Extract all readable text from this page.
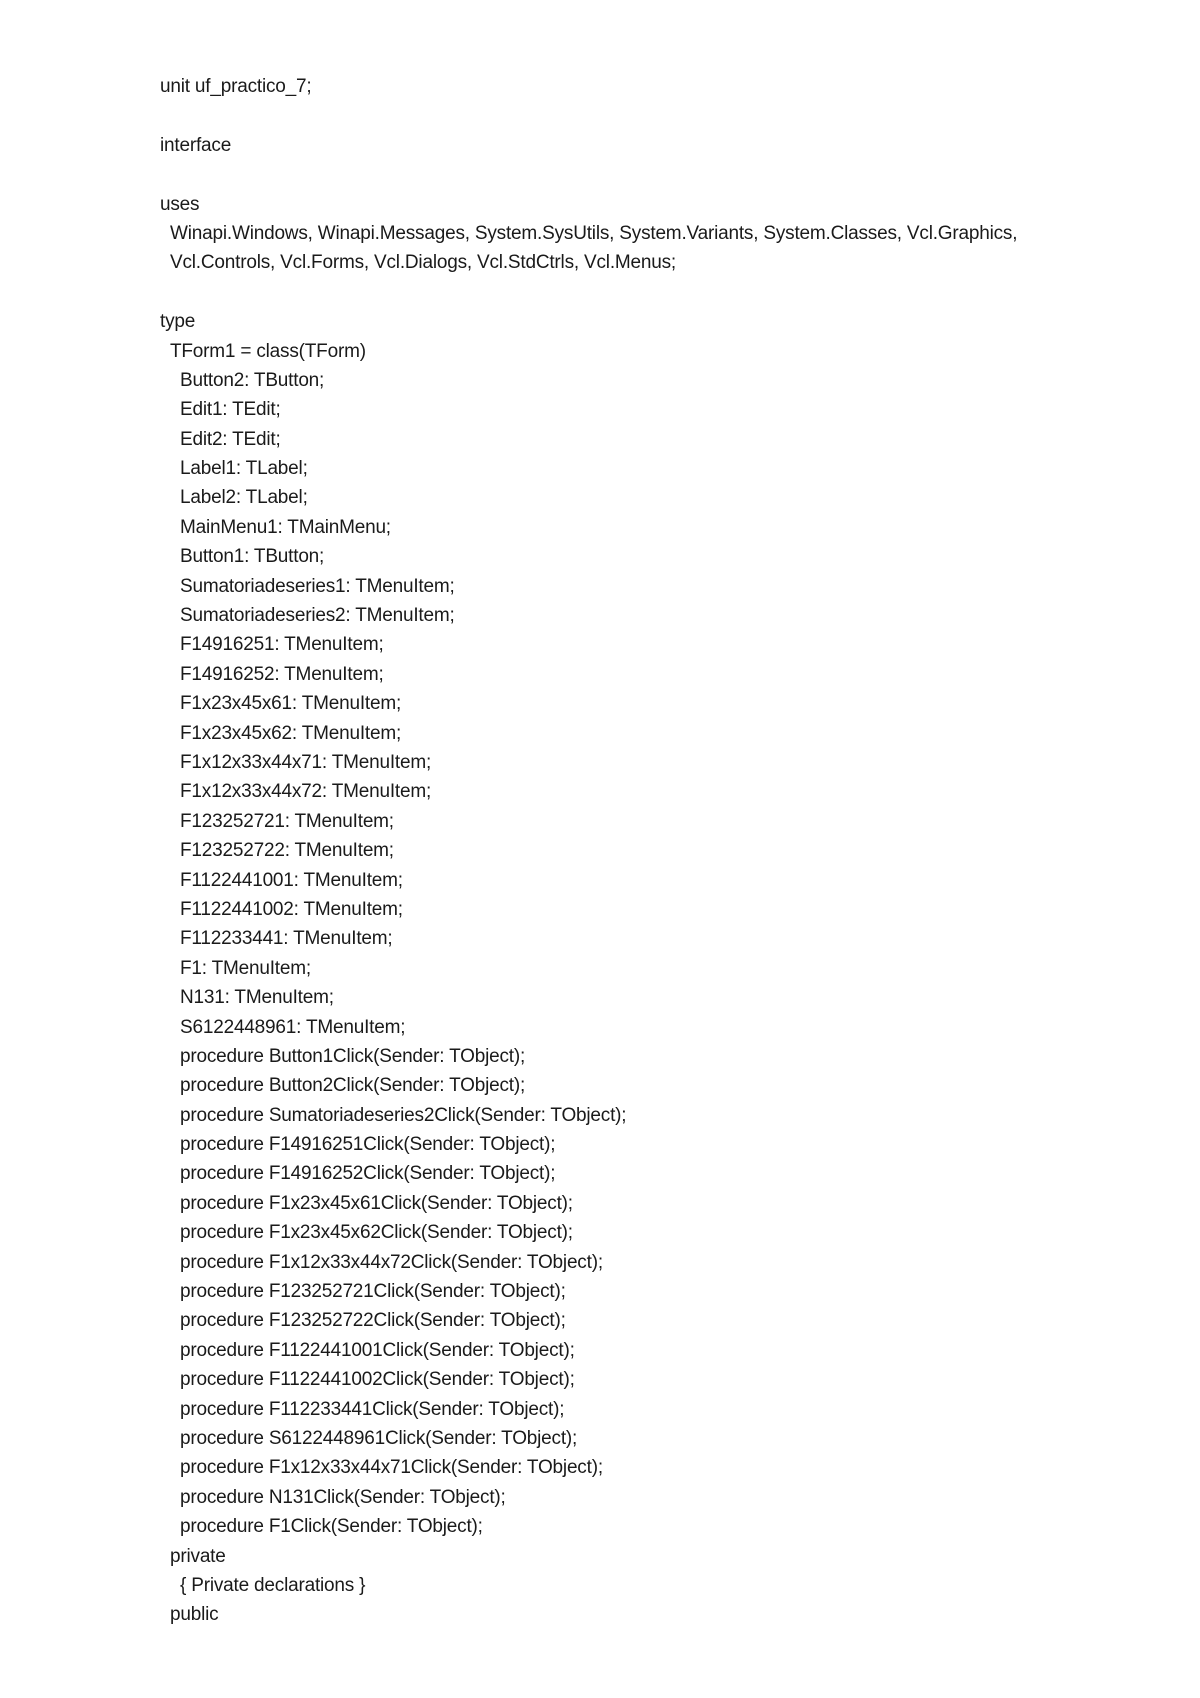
unit uf_practico_7;
interface
uses
Winapi.Windows, Winapi.Messages, System.SysUtils, System.Variants, System.Classes, Vcl.Graphics,
Vcl.Controls, Vcl.Forms, Vcl.Dialogs, Vcl.StdCtrls, Vcl.Menus;
type
TForm1 = class(TForm)
Button2: TButton;
Edit1: TEdit;
Edit2: TEdit;
Label1: TLabel;
Label2: TLabel;
MainMenu1: TMainMenu;
Button1: TButton;
Sumatoriadeseries1: TMenuItem;
Sumatoriadeseries2: TMenuItem;
F14916251: TMenuItem;
F14916252: TMenuItem;
F1x23x45x61: TMenuItem;
F1x23x45x62: TMenuItem;
F1x12x33x44x71: TMenuItem;
F1x12x33x44x72: TMenuItem;
F123252721: TMenuItem;
F123252722: TMenuItem;
F1122441001: TMenuItem;
F1122441002: TMenuItem;
F112233441: TMenuItem;
F1: TMenuItem;
N131: TMenuItem;
S6122448961: TMenuItem;
procedure Button1Click(Sender: TObject);
procedure Button2Click(Sender: TObject);
procedure Sumatoriadeseries2Click(Sender: TObject);
procedure F14916251Click(Sender: TObject);
procedure F14916252Click(Sender: TObject);
procedure F1x23x45x61Click(Sender: TObject);
procedure F1x23x45x62Click(Sender: TObject);
procedure F1x12x33x44x72Click(Sender: TObject);
procedure F123252721Click(Sender: TObject);
procedure F123252722Click(Sender: TObject);
procedure F1122441001Click(Sender: TObject);
procedure F1122441002Click(Sender: TObject);
procedure F112233441Click(Sender: TObject);
procedure S6122448961Click(Sender: TObject);
procedure F1x12x33x44x71Click(Sender: TObject);
procedure N131Click(Sender: TObject);
procedure F1Click(Sender: TObject);
private
{ Private declarations }
public
